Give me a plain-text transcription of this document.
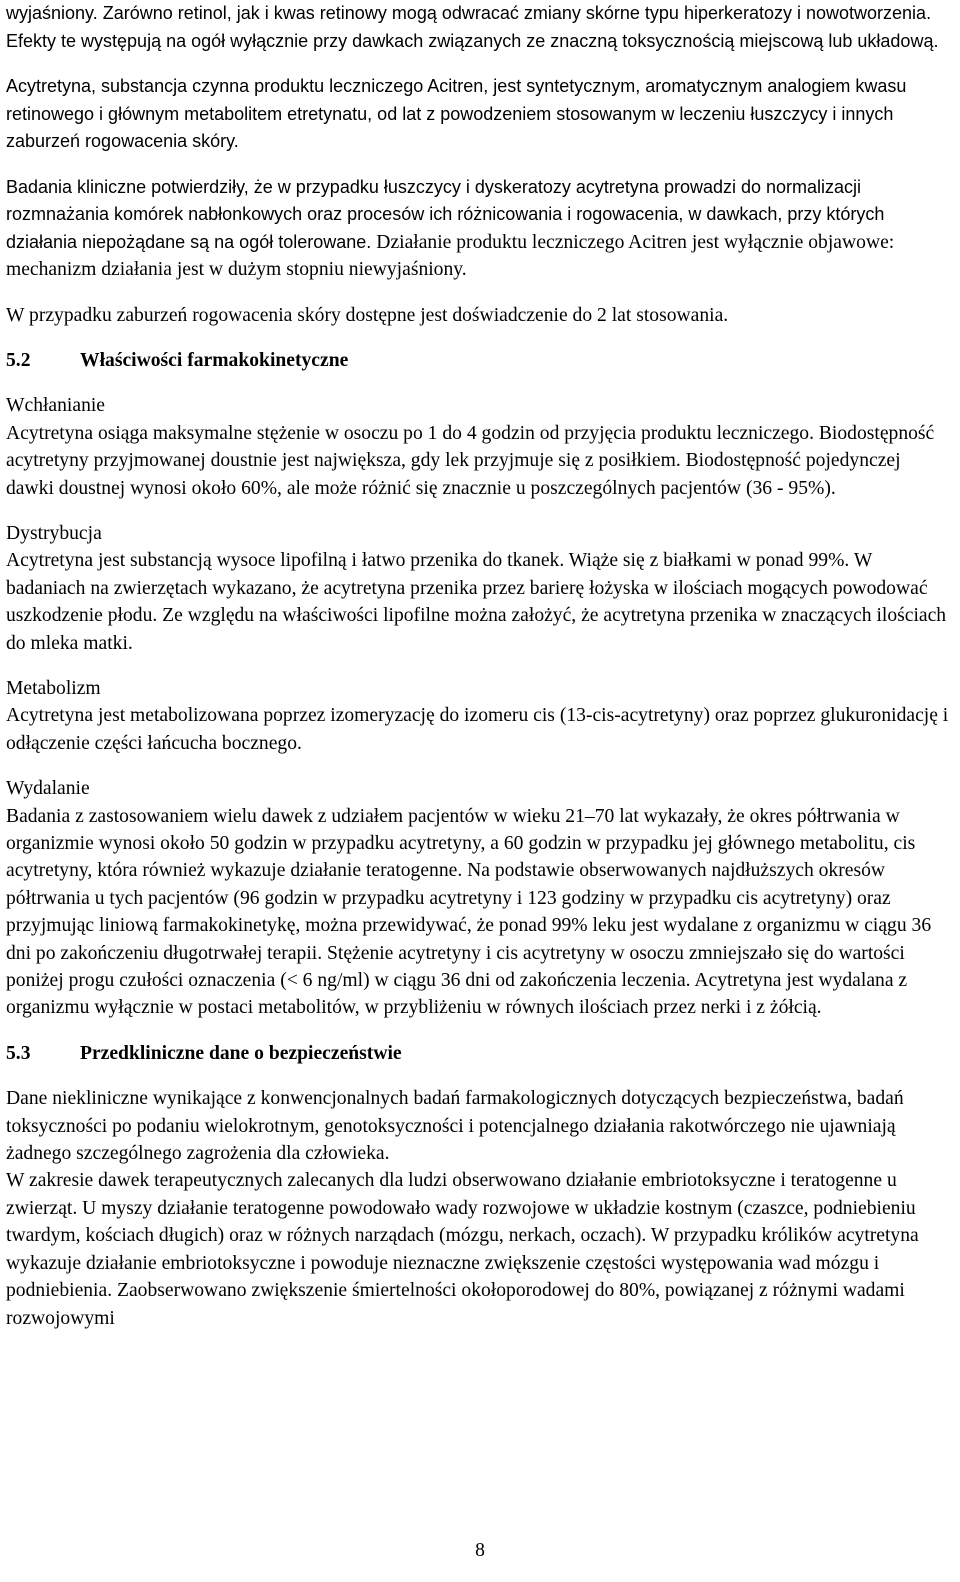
wyjaśniony. Zarówno retinol, jak i kwas retinowy mogą odwracać zmiany skórne typu hiperkeratozy i nowotworzenia. Efekty te występują na ogół wyłącznie przy dawkach związanych ze znaczną toksycznością miejscową lub układową.

Acytretyna, substancja czynna produktu leczniczego Acitren, jest syntetycznym, aromatycznym analogiem kwasu retinowego i głównym metabolitem etretynatu, od lat z powodzeniem stosowanym w leczeniu łuszczycy i innych zaburzeń rogowacenia skóry.

Badania kliniczne potwierdziły, że w przypadku łuszczycy i dyskeratozy acytretyna prowadzi do normalizacji rozmnażania komórek nabłonkowych oraz procesów ich różnicowania i rogowacenia, w dawkach, przy których działania niepożądane są na ogół tolerowane. Działanie produktu leczniczego Acitren jest wyłącznie objawowe: mechanizm działania jest w dużym stopniu niewyjaśniony.

W przypadku zaburzeń rogowacenia skóry dostępne jest doświadczenie do 2 lat stosowania.

5.2	Właściwości farmakokinetyczne
Wchłanianie

Acytretyna osiąga maksymalne stężenie w osoczu po 1 do 4 godzin od przyjęcia produktu leczniczego. Biodostępność acytretyny przyjmowanej doustnie jest największa, gdy lek przyjmuje się z posiłkiem. Biodostępność pojedynczej dawki doustnej wynosi około 60%, ale może różnić się znacznie u poszczególnych pacjentów (36 - 95%).

Dystrybucja

Acytretyna jest substancją wysoce lipofilną i łatwo przenika do tkanek. Wiąże się z białkami w ponad 99%. W badaniach na zwierzętach wykazano, że acytretyna przenika przez barierę łożyska w ilościach mogących powodować uszkodzenie płodu. Ze względu na właściwości lipofilne można założyć, że acytretyna przenika w znaczących ilościach do mleka matki.

Metabolizm

Acytretyna jest metabolizowana poprzez izomeryzację do izomeru cis (13-cis-acytretyny) oraz poprzez glukuronidację i odłączenie części łańcucha bocznego.

Wydalanie

Badania z zastosowaniem wielu dawek z udziałem pacjentów w wieku 21–70 lat wykazały, że okres półtrwania w organizmie wynosi około 50 godzin w przypadku acytretyny, a 60 godzin w przypadku jej głównego metabolitu, cis acytretyny, która również wykazuje działanie teratogenne. Na podstawie obserwowanych najdłuższych okresów półtrwania u tych pacjentów (96 godzin w przypadku acytretyny i 123 godziny w przypadku cis acytretyny) oraz przyjmując liniową farmakokinetykę, można przewidywać, że ponad 99% leku jest wydalane z organizmu w ciągu 36 dni po zakończeniu długotrwałej terapii. Stężenie acytretyny i cis acytretyny w osoczu zmniejszało się do wartości poniżej progu czułości oznaczenia (< 6 ng/ml) w ciągu 36 dni od zakończenia leczenia. Acytretyna jest wydalana z organizmu wyłącznie w postaci metabolitów, w przybliżeniu w równych ilościach przez nerki i z żółcią.

5.3	Przedkliniczne dane o bezpieczeństwie

Dane niekliniczne wynikające z konwencjonalnych badań farmakologicznych dotyczących bezpieczeństwa, badań toksyczności po podaniu wielokrotnym, genotoksyczności i potencjalnego działania rakotwórczego nie ujawniają żadnego szczególnego zagrożenia dla człowieka.

W zakresie dawek terapeutycznych zalecanych dla ludzi obserwowano działanie embriotoksyczne i teratogenne u zwierząt. U myszy działanie teratogenne powodowało wady rozwojowe w układzie kostnym (czaszce, podniebieniu twardym, kościach długich) oraz w różnych narządach (mózgu, nerkach, oczach). W przypadku królików acytretyna wykazuje działanie embriotoksyczne i powoduje nieznaczne zwiększenie częstości występowania wad mózgu i podniebienia. Zaobserwowano zwiększenie śmiertelności okołoporodowej do 80%, powiązanej z różnymi wadami rozwojowymi

8
